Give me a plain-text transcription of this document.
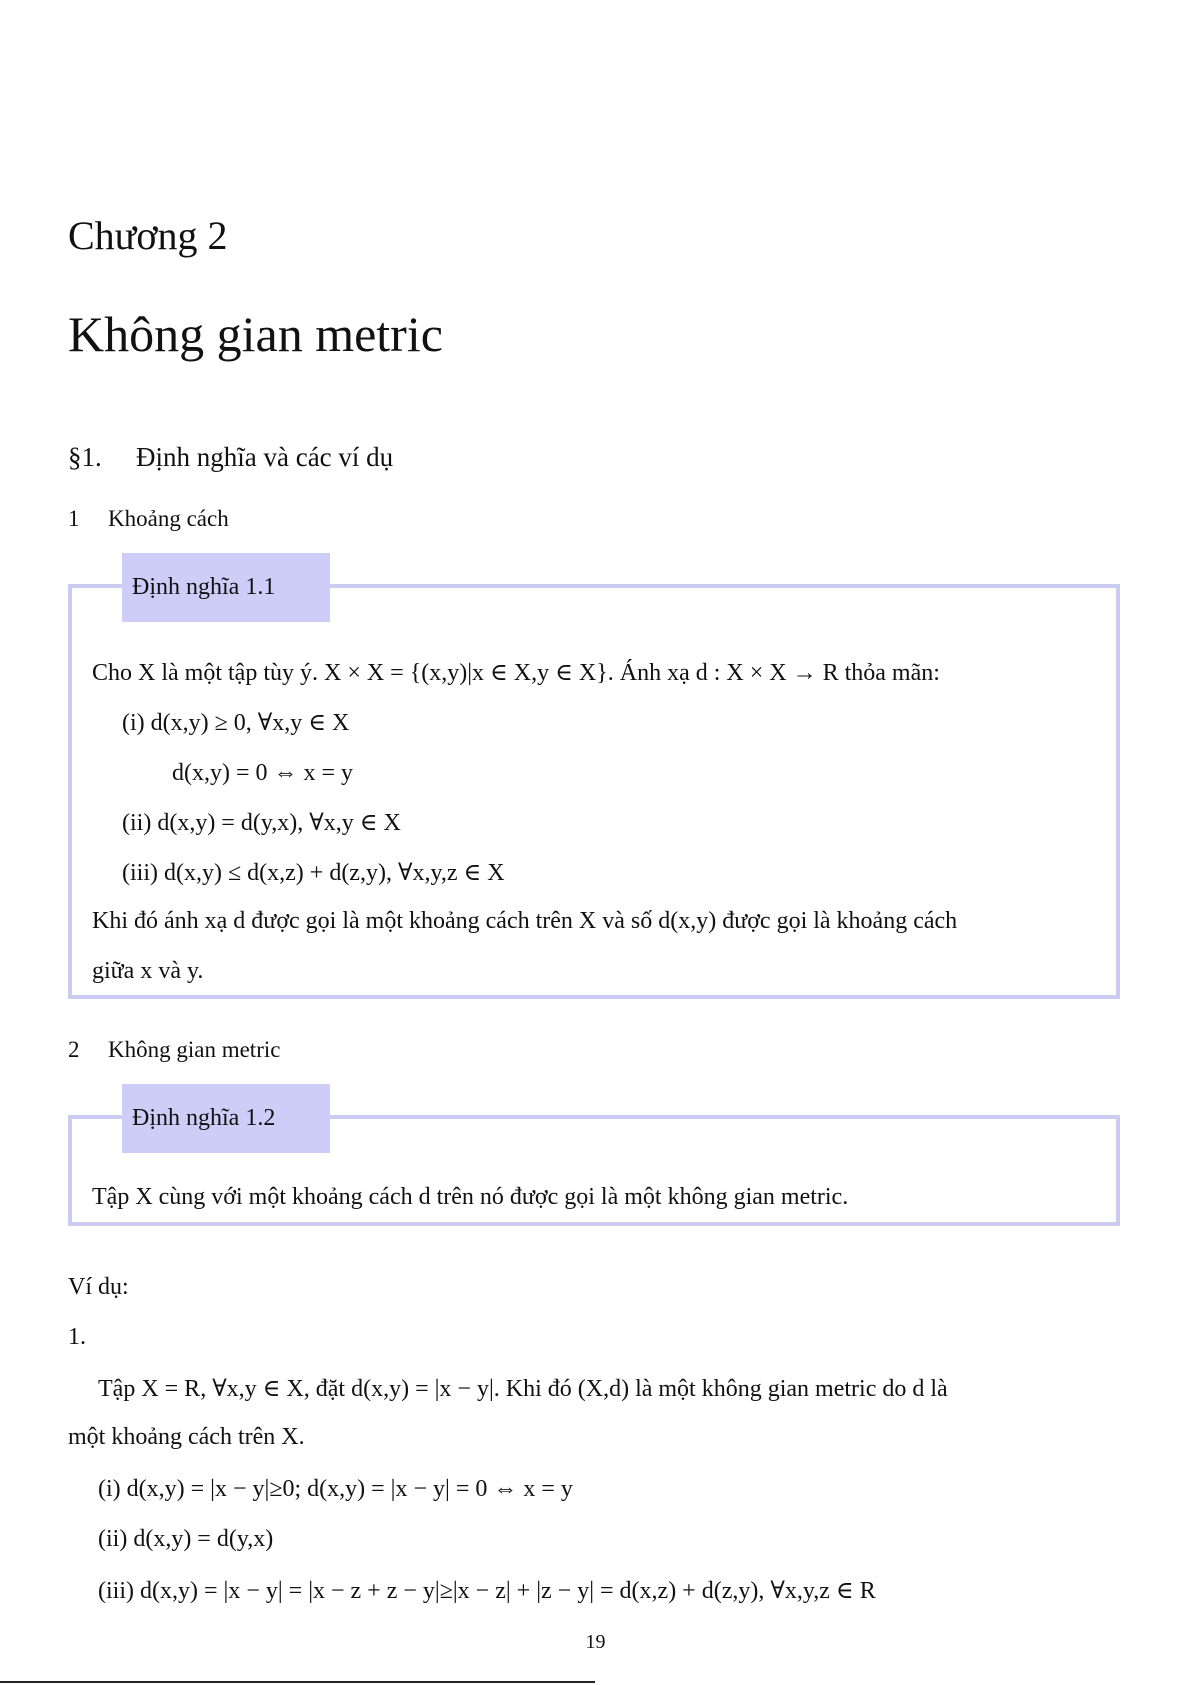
Chương 2
Không gian metric
§1. Định nghĩa và các ví dụ
1 Khoảng cách
Định nghĩa 1.1
Cho X là một tập tùy ý. X × X = {(x,y)|x ∈ X,y ∈ X}. Ánh xạ d : X × X → R thỏa mãn:
(i) d(x,y) ≥ 0, ∀x,y ∈ X
d(x,y) = 0 ⇔ x = y
(ii) d(x,y) = d(y,x), ∀x,y ∈ X
(iii) d(x,y) ≤ d(x,z) + d(z,y), ∀x,y,z ∈ X
Khi đó ánh xạ d được gọi là một khoảng cách trên X và số d(x,y) được gọi là khoảng cách
giữa x và y.
2 Không gian metric
Định nghĩa 1.2
Tập X cùng với một khoảng cách d trên nó được gọi là một không gian metric.
Ví dụ:
1.
Tập X = R, ∀x,y ∈ X, đặt d(x,y) = |x − y|. Khi đó (X,d) là một không gian metric do d là
một khoảng cách trên X.
(i) d(x,y) = |x − y|≥0; d(x,y) = |x − y| = 0 ⇔ x = y
(ii) d(x,y) = d(y,x)
(iii) d(x,y) = |x − y| = |x − z + z − y|≥|x − z| + |z − y| = d(x,z) + d(z,y), ∀x,y,z ∈ R
19
